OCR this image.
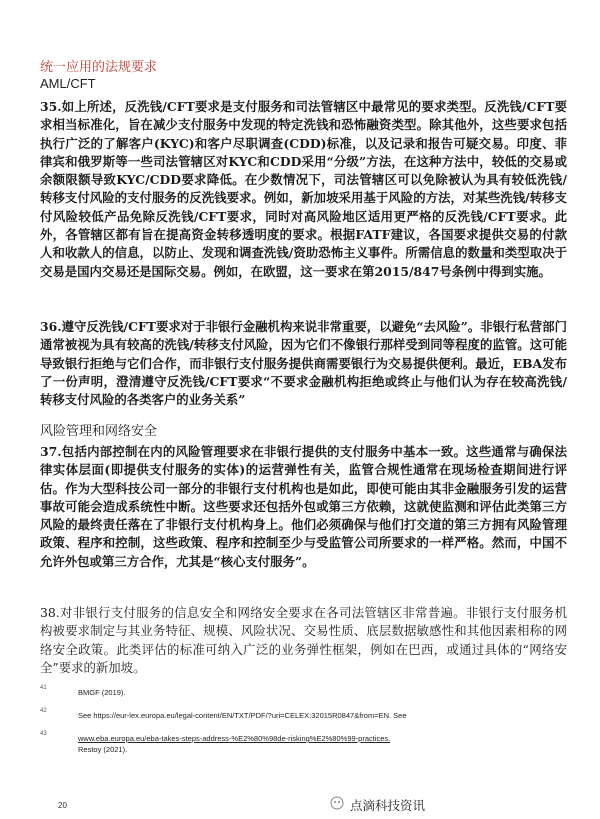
统一应用的法规要求
AML/CFT
35.如上所述，反洗钱/CFT要求是支付服务和司法管辖区中最常见的要求类型。反洗钱/CFT要求相当标准化，旨在减少支付服务中发现的特定洗钱和恐怖融资类型。除其他外，这些要求包括执行广泛的了解客户(KYC)和客户尽职调查(CDD)标准，以及记录和报告可疑交易。印度、菲律宾和俄罗斯等一些司法管辖区对KYC和CDD采用“分级”方法，在这种方法中，较低的交易或余额限额导致KYC/CDD要求降低。在少数情况下，司法管辖区可以免除被认为具有较低洗钱/转移支付风险的支付服务的反洗钱要求。例如，新加坡采用基于风险的方法，对某些洗钱/转移支付风险较低产品免除反洗钱/CFT要求，同时对高风险地区适用更严格的反洗钱/CFT要求。此外，各管辖区都有旨在提高资金转移透明度的要求。根据FATF建议，各国要求提供交易的付款人和收款人的信息，以防止、发现和调查洗钱/资助恐怖主义事件。所需信息的数量和类型取决于交易是国内交易还是国际交易。例如，在欧盟，这一要求在第2015/847号条例中得到实施。
36.遵守反洗钱/CFT要求对于非银行金融机构来说非常重要，以避免“去风险”。非银行私营部门通常被视为具有较高的洗钱/转移支付风险，因为它们不像银行那样受到同等程度的监管。这可能导致银行拒绝与它们合作，而非银行支付服务提供商需要银行为交易提供便利。最近，EBA发布了一份声明，澄清遵守反洗钱/CFT要求“不要求金融机构拒绝或终止与他们认为存在较高洗钱/转移支付风险的各类客户的业务关系”
风险管理和网络安全
37.包括内部控制在内的风险管理要求在非银行提供的支付服务中基本一致。这些通常与确保法律实体层面(即提供支付服务的实体)的运营弹性有关，监管合规性通常在现场检查期间进行评估。作为大型科技公司一部分的非银行支付机构也是如此，即使可能由其非金融服务引发的运营事故可能会造成系统性中断。这些要求还包括外包或第三方依赖，这就使监测和评估此类第三方风险的最终责任落在了非银行支付机构身上。他们必须确保与他们打交道的第三方拥有风险管理政策、程序和控制，这些政策、程序和控制至少与受监管公司所要求的一样严格。然而，中国不允许外包或第三方合作，尤其是“核心支付服务”。
38.对非银行支付服务的信息安全和网络安全要求在各司法管辖区非常普遍。非银行支付服务机构被要求制定与其业务特征、规模、风险状况、交易性质、底层数据敏感性和其他因素相称的网络安全政策。此类评估的标准可纳入广泛的业务弹性框架，例如在巴西，或通过具体的“网络安全”要求的新加坡。
41	BMGF (2019).
42	See https://eur-lex.europa.eu/legal-content/EN/TXT/PDF/?uri=CELEX:32015R0847&from=EN. See
43	www.eba.europa.eu/eba-takes-steps-address-%E2%80%98de-risking%E2%80%99-practices.
Restoy (2021).
20	点滴科技资讯
